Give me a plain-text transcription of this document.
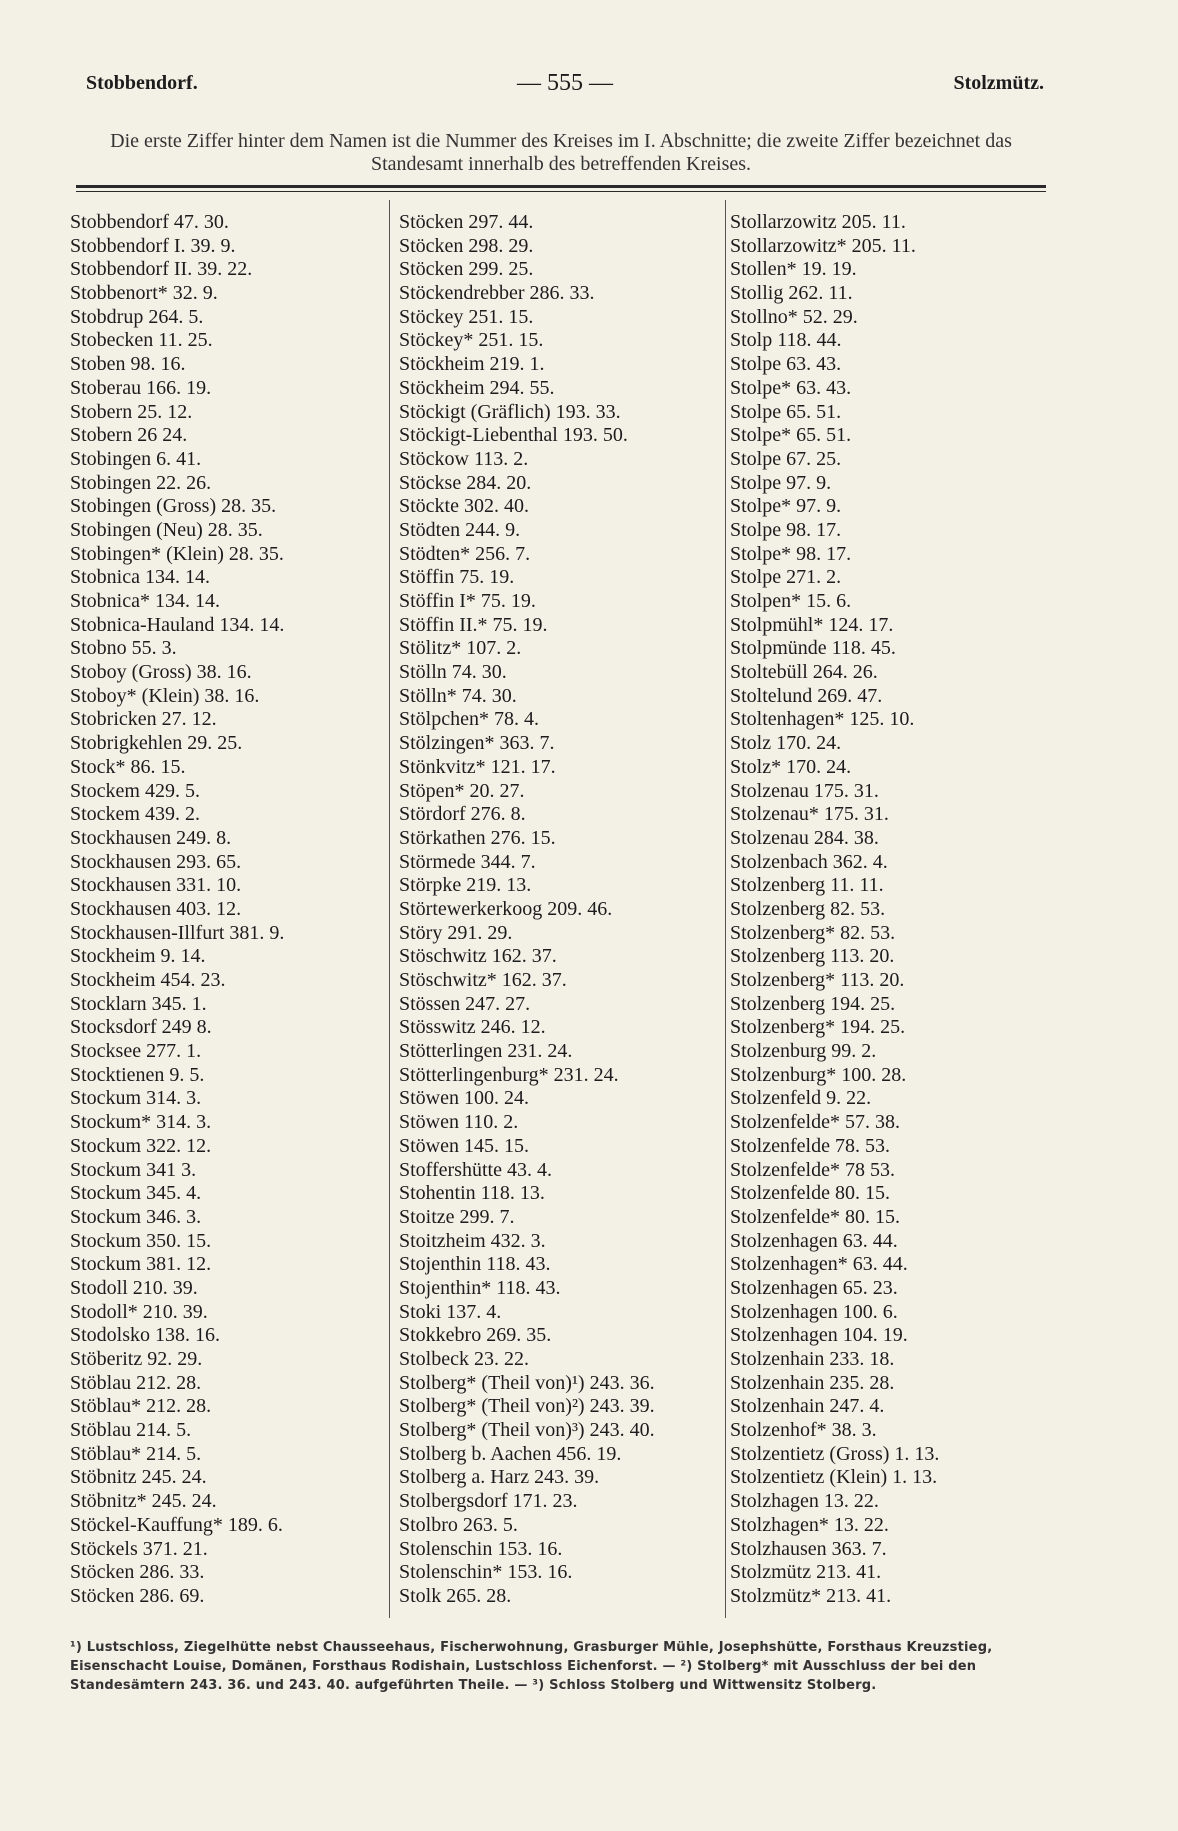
Stobbendorf.	— 555 —	Stolzmütz.
Die erste Ziffer hinter dem Namen ist die Nummer des Kreises im I. Abschnitte; die zweite Ziffer bezeichnet das Standesamt innerhalb des betreffenden Kreises.
Stobbendorf 47. 30.
Stobbendorf I. 39. 9.
Stobbendorf II. 39. 22.
Stobbenort* 32. 9.
Stobdrup 264. 5.
Stobecken 11. 25.
Stoben 98. 16.
Stoberau 166. 19.
Stobern 25. 12.
Stobern 26 24.
Stobingen 6. 41.
Stobingen 22. 26.
Stobingen (Gross) 28. 35.
Stobingen (Neu) 28. 35.
Stobingen* (Klein) 28. 35.
Stobnica 134. 14.
Stobnica* 134. 14.
Stobnica-Hauland 134. 14.
Stobno 55. 3.
Stoboy (Gross) 38. 16.
Stoboy* (Klein) 38. 16.
Stobricken 27. 12.
Stobrigkehlen 29. 25.
Stock* 86. 15.
Stockem 429. 5.
Stockem 439. 2.
Stockhausen 249. 8.
Stockhausen 293. 65.
Stockhausen 331. 10.
Stockhausen 403. 12.
Stockhausen-Illfurt 381. 9.
Stockheim 9. 14.
Stockheim 454. 23.
Stocklarn 345. 1.
Stocksdorf 249 8.
Stocksee 277. 1.
Stocktienen 9. 5.
Stockum 314. 3.
Stockum* 314. 3.
Stockum 322. 12.
Stockum 341 3.
Stockum 345. 4.
Stockum 346. 3.
Stockum 350. 15.
Stockum 381. 12.
Stodoll 210. 39.
Stodoll* 210. 39.
Stodolsko 138. 16.
Stöberitz 92. 29.
Stöblau 212. 28.
Stöblau* 212. 28.
Stöblau 214. 5.
Stöblau* 214. 5.
Stöbnitz 245. 24.
Stöbnitz* 245. 24.
Stöckel-Kauffung* 189. 6.
Stöckels 371. 21.
Stöcken 286. 33.
Stöcken 286. 69.
Stöcken 297. 44.
Stöcken 298. 29.
Stöcken 299. 25.
Stöckendrebber 286. 33.
Stöckey 251. 15.
Stöckey* 251. 15.
Stöckheim 219. 1.
Stöckheim 294. 55.
Stöckigt (Gräflich) 193. 33.
Stöckigt-Liebenthal 193. 50.
Stöckow 113. 2.
Stöckse 284. 20.
Stöckte 302. 40.
Stödten 244. 9.
Stödten* 256. 7.
Stöffin 75. 19.
Stöffin I* 75. 19.
Stöffin II.* 75. 19.
Stölitz* 107. 2.
Stölln 74. 30.
Stölln* 74. 30.
Stölpchen* 78. 4.
Stölzingen* 363. 7.
Stönkvitz* 121. 17.
Stöpen* 20. 27.
Stördorf 276. 8.
Störkathen 276. 15.
Störmede 344. 7.
Störpke 219. 13.
Störtewerkerkoog 209. 46.
Störy 291. 29.
Stöschwitz 162. 37.
Stöschwitz* 162. 37.
Stössen 247. 27.
Stösswitz 246. 12.
Stötterlingen 231. 24.
Stötterlingenburg* 231. 24.
Stöwen 100. 24.
Stöwen 110. 2.
Stöwen 145. 15.
Stoffershütte 43. 4.
Stohentin 118. 13.
Stoitze 299. 7.
Stoitzheim 432. 3.
Stojenthin 118. 43.
Stojenthin* 118. 43.
Stoki 137. 4.
Stokkebro 269. 35.
Stolbeck 23. 22.
Stolberg* (Theil von)¹) 243. 36.
Stolberg* (Theil von)²) 243. 39.
Stolberg* (Theil von)³) 243. 40.
Stolberg b. Aachen 456. 19.
Stolberg a. Harz 243. 39.
Stolbergsdorf 171. 23.
Stolbro 263. 5.
Stolenschin 153. 16.
Stolenschin* 153. 16.
Stolk 265. 28.
Stollarzowitz 205. 11.
Stollarzowitz* 205. 11.
Stollen* 19. 19.
Stollig 262. 11.
Stollno* 52. 29.
Stolp 118. 44.
Stolpe 63. 43.
Stolpe* 63. 43.
Stolpe 65. 51.
Stolpe* 65. 51.
Stolpe 67. 25.
Stolpe 97. 9.
Stolpe* 97. 9.
Stolpe 98. 17.
Stolpe* 98. 17.
Stolpe 271. 2.
Stolpen* 15. 6.
Stolpmühl* 124. 17.
Stolpmünde 118. 45.
Stoltebüll 264. 26.
Stoltelund 269. 47.
Stoltenhagen* 125. 10.
Stolz 170. 24.
Stolz* 170. 24.
Stolzenau 175. 31.
Stolzenau* 175. 31.
Stolzenau 284. 38.
Stolzenbach 362. 4.
Stolzenberg 11. 11.
Stolzenberg 82. 53.
Stolzenberg* 82. 53.
Stolzenberg 113. 20.
Stolzenberg* 113. 20.
Stolzenberg 194. 25.
Stolzenberg* 194. 25.
Stolzenburg 99. 2.
Stolzenburg* 100. 28.
Stolzenfeld 9. 22.
Stolzenfelde* 57. 38.
Stolzenfelde 78. 53.
Stolzenfelde* 78 53.
Stolzenfelde 80. 15.
Stolzenfelde* 80. 15.
Stolzenhagen 63. 44.
Stolzenhagen* 63. 44.
Stolzenhagen 65. 23.
Stolzenhagen 100. 6.
Stolzenhagen 104. 19.
Stolzenhain 233. 18.
Stolzenhain 235. 28.
Stolzenhain 247. 4.
Stolzenhof* 38. 3.
Stolzentietz (Gross) 1. 13.
Stolzentietz (Klein) 1. 13.
Stolzhagen 13. 22.
Stolzhagen* 13. 22.
Stolzhausen 363. 7.
Stolzmütz 213. 41.
Stolzmütz* 213. 41.
¹) Lustschloss, Ziegelhütte nebst Chausseehaus, Fischerwohnung, Grasburger Mühle, Josephshütte, Forsthaus Kreuzstieg, Eisenschacht Louise, Domänen, Forsthaus Rodishain, Lustschloss Eichenforst. — ²) Stolberg* mit Ausschluss der bei den Standesämtern 243. 36. und 243. 40. aufgeführten Theile. — ³) Schloss Stolberg und Wittwensitz Stolberg.
